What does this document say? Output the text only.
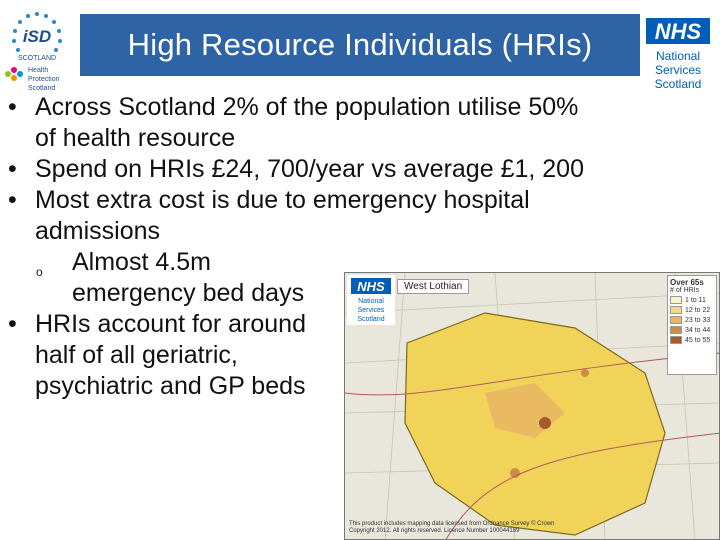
iSD
SCOTLAND
Health
Protection
Scotland
High Resource Individuals (HRIs)	NHS
National
Services
Scotland
• Across Scotland 2% of the population utilise 50%
of health resource
• Spend on HRIs £24, 700/year vs average £1, 200
• Most extra cost is due to emergency hospital
admissions
o Almost 4.5m
emergency bed days
• HRIs account for around
half of all geriatric,
psychiatric and GP beds
NHS
National
Services
Scotland
West Lothian	Over 65s
# of HRIs
1 to 11
12 to 22
23 to 33
34 to 44
45 to 55
This product includes mapping data licensed from Ordnance Survey © Crown Copyright 2012. All rights reserved. Licence Number 100044189
